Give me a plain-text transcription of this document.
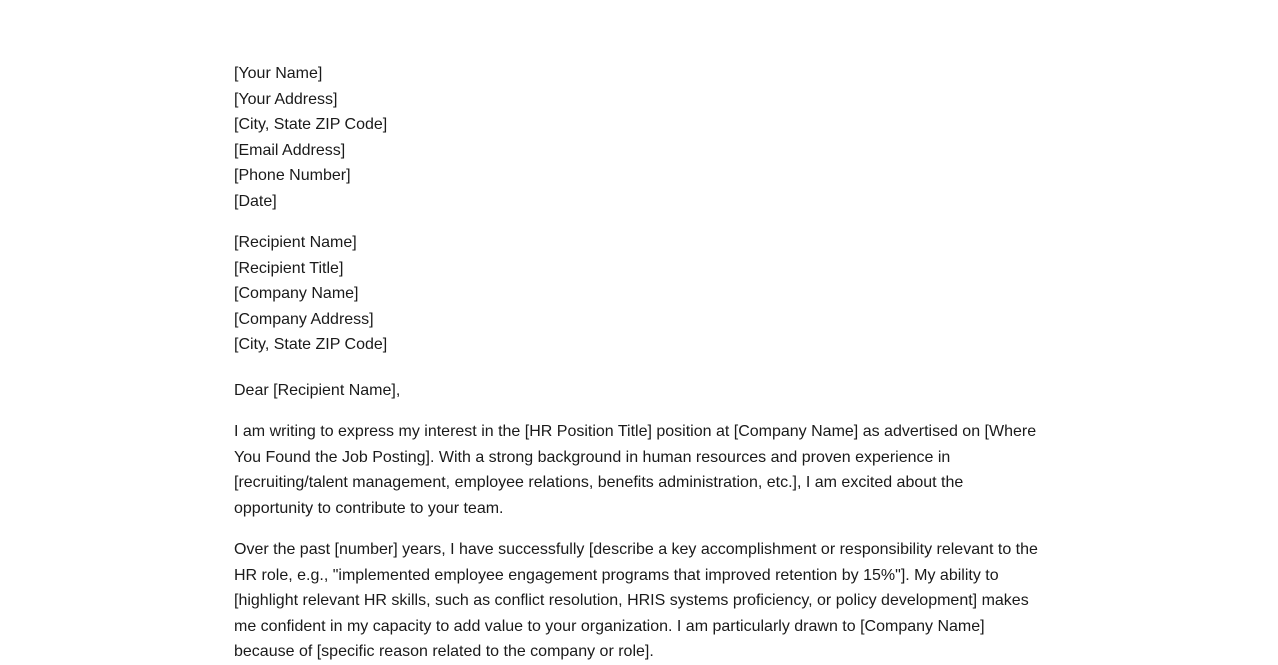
[Your Name]
[Your Address]
[City, State ZIP Code]
[Email Address]
[Phone Number]
[Date]
[Recipient Name]
[Recipient Title]
[Company Name]
[Company Address]
[City, State ZIP Code]

Dear [Recipient Name],

I am writing to express my interest in the [HR Position Title] position at [Company Name] as advertised on [Where You Found the Job Posting]. With a strong background in human resources and proven experience in [recruiting/talent management, employee relations, benefits administration, etc.], I am excited about the opportunity to contribute to your team.

Over the past [number] years, I have successfully [describe a key accomplishment or responsibility relevant to the HR role, e.g., "implemented employee engagement programs that improved retention by 15%"]. My ability to [highlight relevant HR skills, such as conflict resolution, HRIS systems proficiency, or policy development] makes me confident in my capacity to add value to your organization. I am particularly drawn to [Company Name] because of [specific reason related to the company or role].
